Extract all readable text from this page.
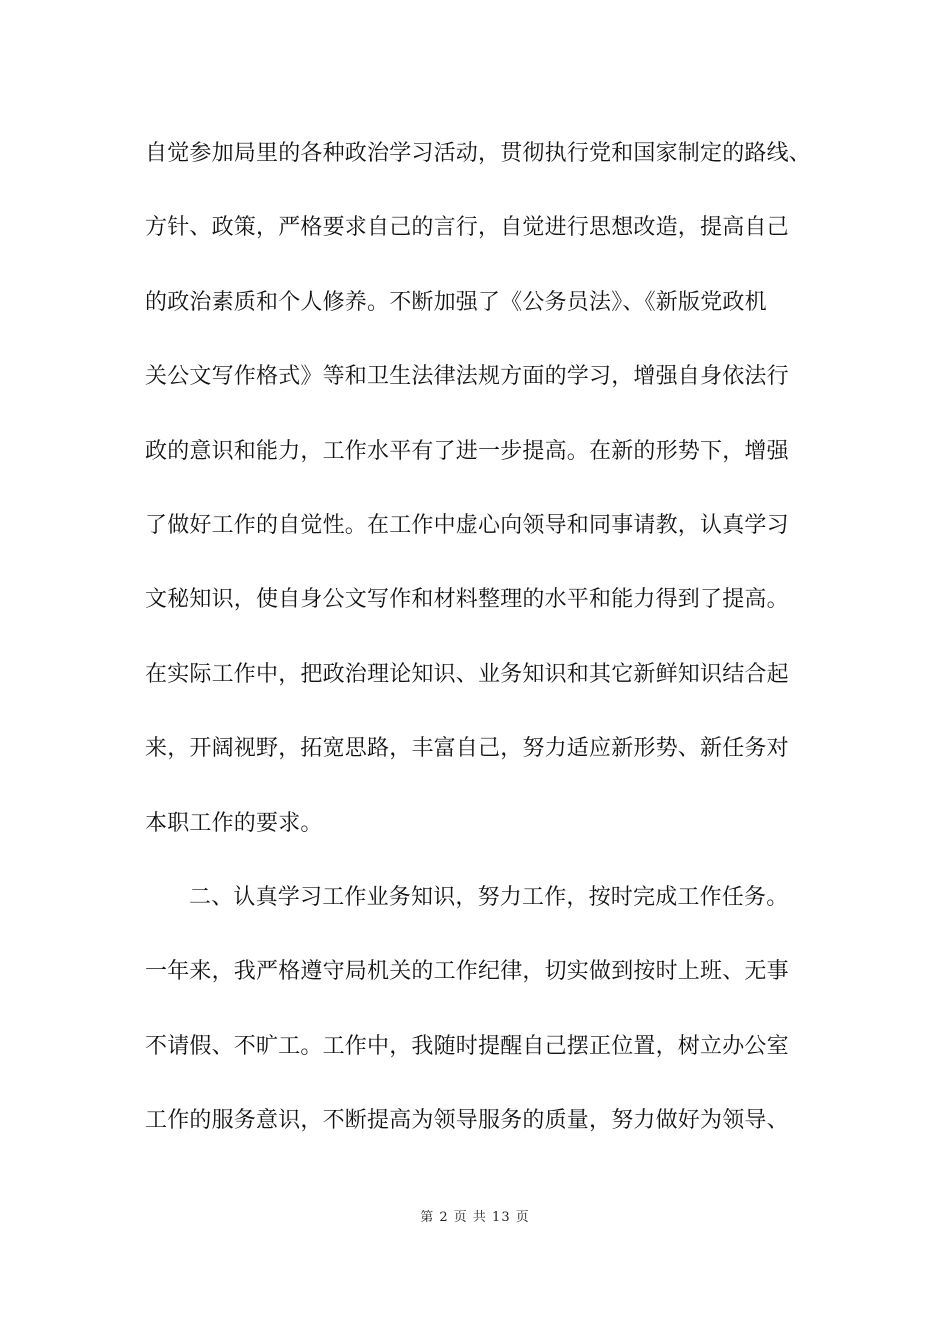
自觉参加局里的各种政治学习活动，贯彻执行党和国家制定的路线、
方针、政策，严格要求自己的言行，自觉进行思想改造，提高自己
的政治素质和个人修养。不断加强了《公务员法》、《新版党政机
关公文写作格式》等和卫生法律法规方面的学习，增强自身依法行
政的意识和能力，工作水平有了进一步提高。在新的形势下，增强
了做好工作的自觉性。在工作中虚心向领导和同事请教，认真学习
文秘知识，使自身公文写作和材料整理的水平和能力得到了提高。
在实际工作中，把政治理论知识、业务知识和其它新鲜知识结合起
来，开阔视野，拓宽思路，丰富自己，努力适应新形势、新任务对
本职工作的要求。
二、认真学习工作业务知识，努力工作，按时完成工作任务。
一年来，我严格遵守局机关的工作纪律，切实做到按时上班、无事
不请假、不旷工。工作中，我随时提醒自己摆正位置，树立办公室
工作的服务意识，不断提高为领导服务的质量，努力做好为领导、
第 2 页 共 13 页
